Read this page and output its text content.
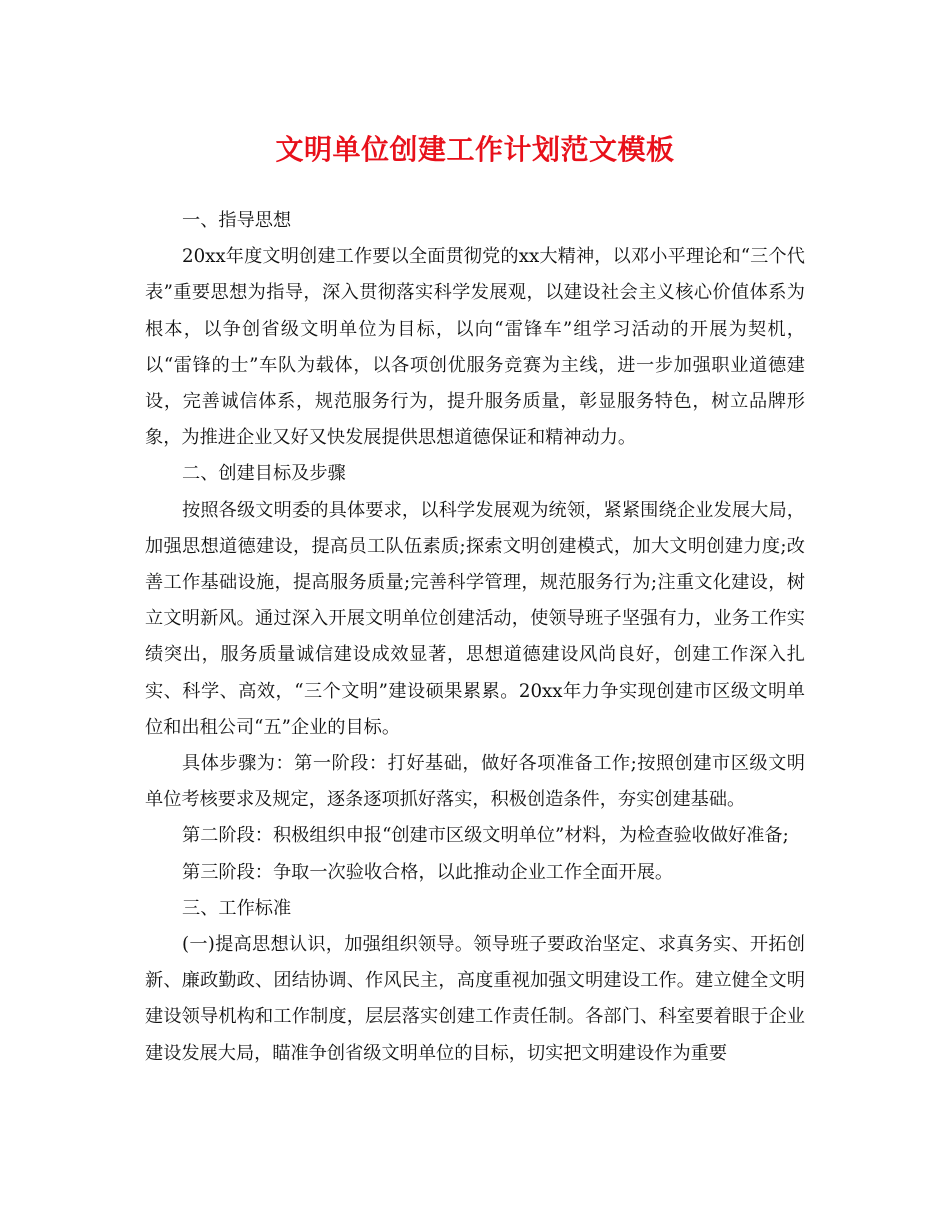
文明单位创建工作计划范文模板

一、指导思想

20xx年度文明创建工作要以全面贯彻党的xx大精神，以邓小平理论和“三个代表”重要思想为指导，深入贯彻落实科学发展观，以建设社会主义核心价值体系为根本，以争创省级文明单位为目标，以向“雷锋车”组学习活动的开展为契机，以“雷锋的士”车队为载体，以各项创优服务竞赛为主线，进一步加强职业道德建设，完善诚信体系，规范服务行为，提升服务质量，彰显服务特色，树立品牌形象，为推进企业又好又快发展提供思想道德保证和精神动力。

二、创建目标及步骤

按照各级文明委的具体要求，以科学发展观为统领，紧紧围绕企业发展大局，加强思想道德建设，提高员工队伍素质;探索文明创建模式，加大文明创建力度;改善工作基础设施，提高服务质量;完善科学管理，规范服务行为;注重文化建设，树立文明新风。通过深入开展文明单位创建活动，使领导班子坚强有力，业务工作实绩突出，服务质量诚信建设成效显著，思想道德建设风尚良好，创建工作深入扎实、科学、高效，“三个文明”建设硕果累累。20xx年力争实现创建市区级文明单位和出租公司“五”企业的目标。

具体步骤为：第一阶段：打好基础，做好各项准备工作;按照创建市区级文明单位考核要求及规定，逐条逐项抓好落实，积极创造条件，夯实创建基础。

第二阶段：积极组织申报“创建市区级文明单位”材料，为检查验收做好准备;

第三阶段：争取一次验收合格，以此推动企业工作全面开展。

三、工作标准

(一)提高思想认识，加强组织领导。领导班子要政治坚定、求真务实、开拓创新、廉政勤政、团结协调、作风民主，高度重视加强文明建设工作。建立健全文明建设领导机构和工作制度，层层落实创建工作责任制。各部门、科室要着眼于企业建设发展大局，瞄准争创省级文明单位的目标，切实把文明建设作为重要
